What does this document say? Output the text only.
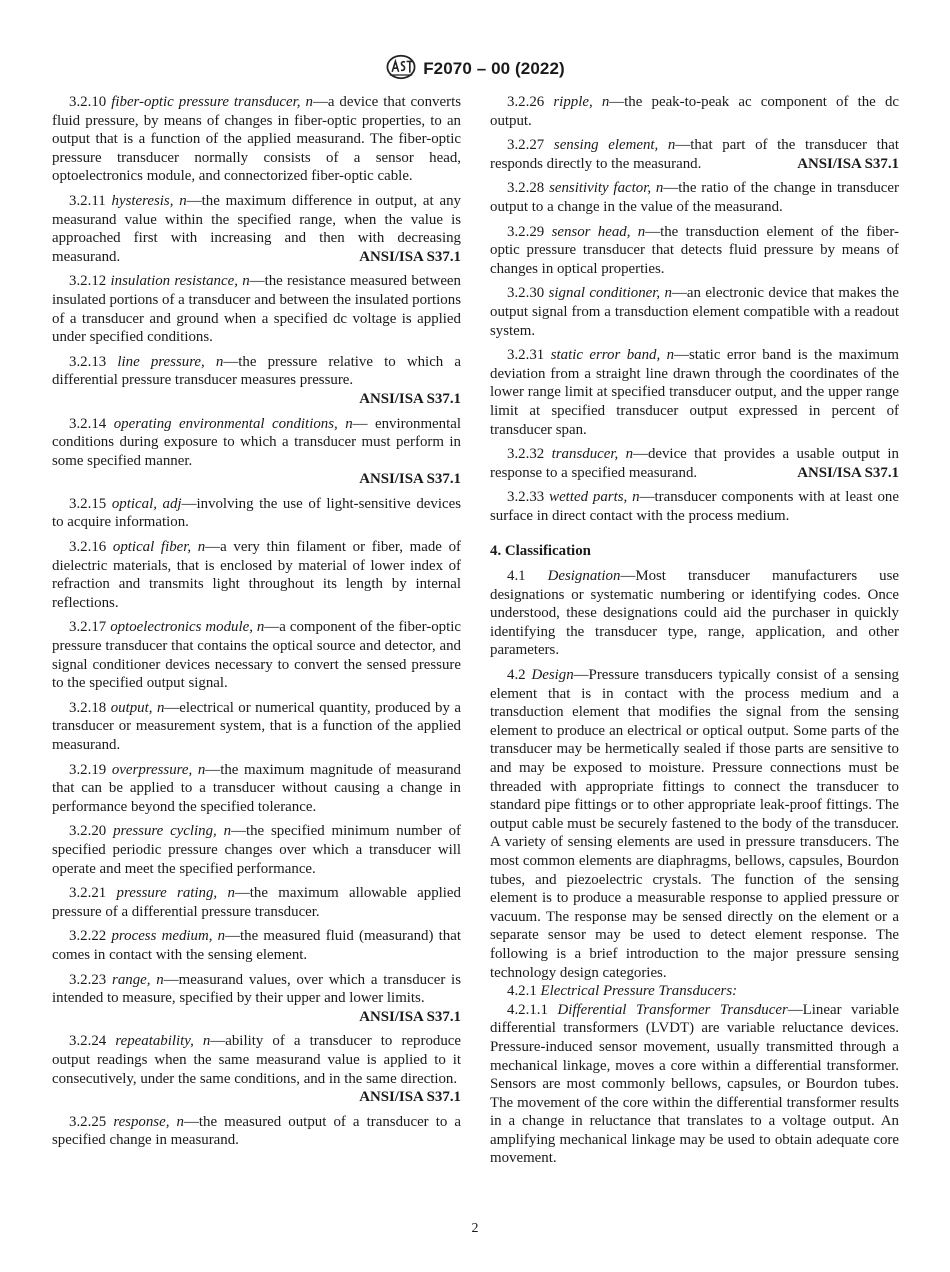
F2070 – 00 (2022)

3.2.10 fiber-optic pressure transducer, n—a device that converts fluid pressure, by means of changes in fiber-optic properties, to an output that is a function of the applied measurand. The fiber-optic pressure transducer normally consists of a sensor head, optoelectronics module, and connectorized fiber-optic cable.

3.2.11 hysteresis, n—the maximum difference in output, at any measurand value within the specified range, when the value is approached first with increasing and then with decreasing measurand.	ANSI/ISA S37.1

3.2.12 insulation resistance, n—the resistance measured between insulated portions of a transducer and between the insulated portions of a transducer and ground when a specified dc voltage is applied under specified conditions.

3.2.13 line pressure, n—the pressure relative to which a differential pressure transducer measures pressure.

ANSI/ISA S37.1

3.2.14 operating environmental conditions, n— environmental conditions during exposure to which a transducer must perform in some specified manner.

ANSI/ISA S37.1

3.2.15 optical, adj—involving the use of light-sensitive devices to acquire information.

3.2.16 optical fiber, n—a very thin filament or fiber, made of dielectric materials, that is enclosed by material of lower index of refraction and transmits light throughout its length by internal reflections.

3.2.17 optoelectronics module, n—a component of the fiber-optic pressure transducer that contains the optical source and detector, and signal conditioner devices necessary to convert the sensed pressure to the specified output signal.

3.2.18 output, n—electrical or numerical quantity, produced by a transducer or measurement system, that is a function of the applied measurand.

3.2.19 overpressure, n—the maximum magnitude of measurand that can be applied to a transducer without causing a change in performance beyond the specified tolerance.

3.2.20 pressure cycling, n—the specified minimum number of specified periodic pressure changes over which a transducer will operate and meet the specified performance.

3.2.21 pressure rating, n—the maximum allowable applied pressure of a differential pressure transducer.

3.2.22 process medium, n—the measured fluid (measurand) that comes in contact with the sensing element.

3.2.23 range, n—measurand values, over which a transducer is intended to measure, specified by their upper and lower limits.
ANSI/ISA S37.1

3.2.24 repeatability, n—ability of a transducer to reproduce output readings when the same measurand value is applied to it consecutively, under the same conditions, and in the same direction.
ANSI/ISA S37.1

3.2.25 response, n—the measured output of a transducer to a specified change in measurand.

3.2.26 ripple, n—the peak-to-peak ac component of the dc output.

3.2.27 sensing element, n—that part of the transducer that responds directly to the measurand.	ANSI/ISA S37.1

3.2.28 sensitivity factor, n—the ratio of the change in transducer output to a change in the value of the measurand.

3.2.29 sensor head, n—the transduction element of the fiber-optic pressure transducer that detects fluid pressure by means of changes in optical properties.

3.2.30 signal conditioner, n—an electronic device that makes the output signal from a transduction element compatible with a readout system.

3.2.31 static error band, n—static error band is the maximum deviation from a straight line drawn through the coordinates of the lower range limit at specified transducer output, and the upper range limit at specified transducer output expressed in percent of transducer span.

3.2.32 transducer, n—device that provides a usable output in response to a specified measurand.	ANSI/ISA S37.1

3.2.33 wetted parts, n—transducer components with at least one surface in direct contact with the process medium.

4. Classification

4.1 Designation—Most transducer manufacturers use designations or systematic numbering or identifying codes. Once understood, these designations could aid the purchaser in quickly identifying the transducer type, range, application, and other parameters.

4.2 Design—Pressure transducers typically consist of a sensing element that is in contact with the process medium and a transduction element that modifies the signal from the sensing element to produce an electrical or optical output. Some parts of the transducer may be hermetically sealed if those parts are sensitive to and may be exposed to moisture. Pressure connections must be threaded with appropriate fittings to connect the transducer to standard pipe fittings or to other appropriate leak-proof fittings. The output cable must be securely fastened to the body of the transducer. A variety of sensing elements are used in pressure transducers. The most common elements are diaphragms, bellows, capsules, Bourdon tubes, and piezoelectric crystals. The function of the sensing element is to produce a measurable response to applied pressure or vacuum. The response may be sensed directly on the element or a separate sensor may be used to detect element response. The following is a brief introduction to the major pressure sensing technology design categories.

4.2.1 Electrical Pressure Transducers:

4.2.1.1 Differential Transformer Transducer—Linear variable differential transformers (LVDT) are variable reluctance devices. Pressure-induced sensor movement, usually transmitted through a mechanical linkage, moves a core within a differential transformer. Sensors are most commonly bellows, capsules, or Bourdon tubes. The movement of the core within the differential transformer results in a change in reluctance that translates to a voltage output. An amplifying mechanical linkage may be used to obtain adequate core movement.

2
